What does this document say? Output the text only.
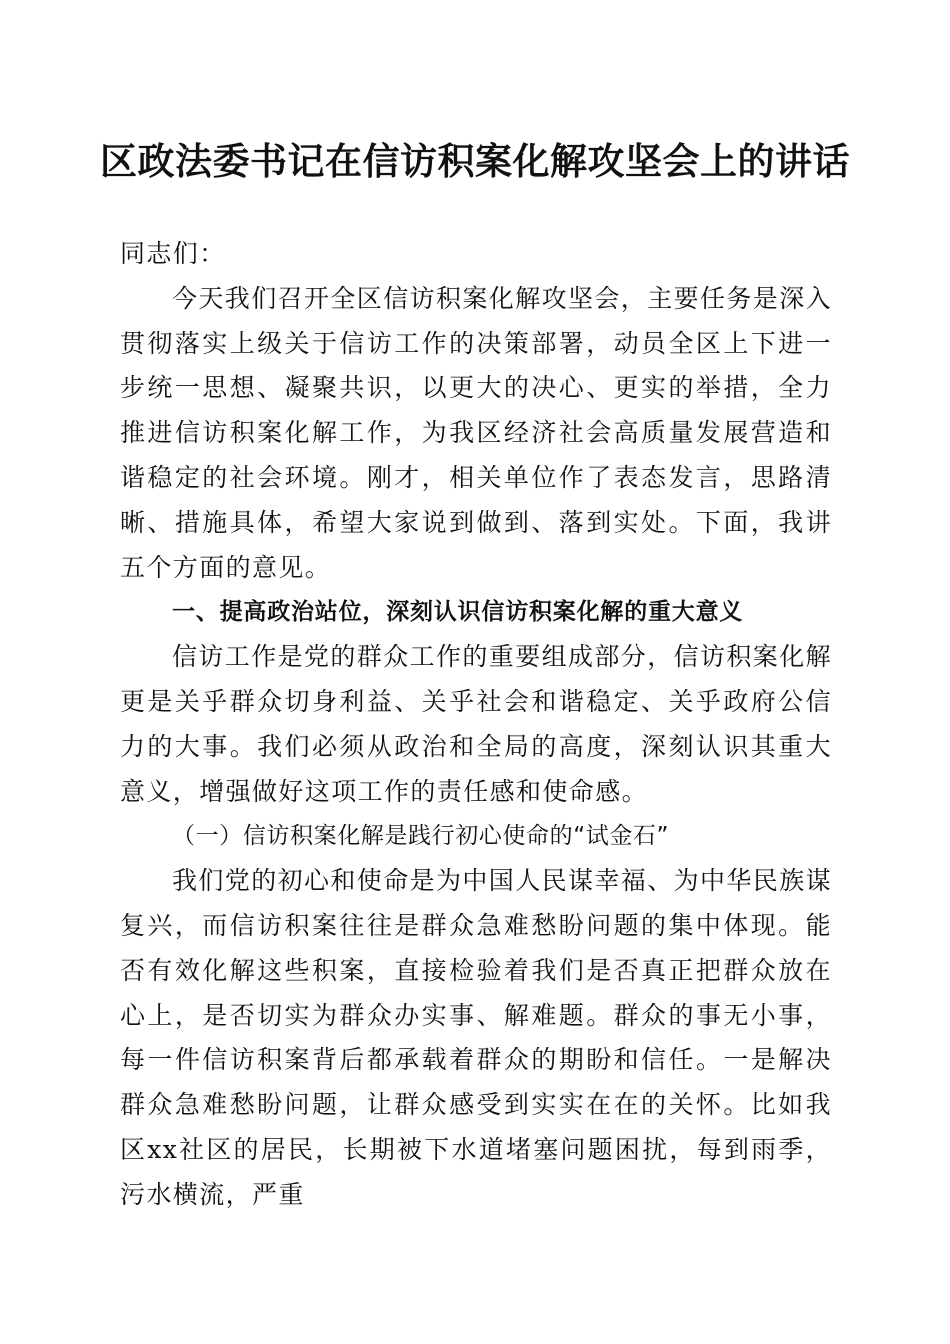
区政法委书记在信访积案化解攻坚会上的讲话

同志们：

今天我们召开全区信访积案化解攻坚会，主要任务是深入贯彻落实上级关于信访工作的决策部署，动员全区上下进一步统一思想、凝聚共识，以更大的决心、更实的举措，全力推进信访积案化解工作，为我区经济社会高质量发展营造和谐稳定的社会环境。刚才，相关单位作了表态发言，思路清晰、措施具体，希望大家说到做到、落到实处。下面，我讲五个方面的意见。

一、提高政治站位，深刻认识信访积案化解的重大意义

信访工作是党的群众工作的重要组成部分，信访积案化解更是关乎群众切身利益、关乎社会和谐稳定、关乎政府公信力的大事。我们必须从政治和全局的高度，深刻认识其重大意义，增强做好这项工作的责任感和使命感。

（一）信访积案化解是践行初心使命的“试金石”

我们党的初心和使命是为中国人民谋幸福、为中华民族谋复兴，而信访积案往往是群众急难愁盼问题的集中体现。能否有效化解这些积案，直接检验着我们是否真正把群众放在心上，是否切实为群众办实事、解难题。群众的事无小事，每一件信访积案背后都承载着群众的期盼和信任。一是解决群众急难愁盼问题，让群众感受到实实在在的关怀。比如我区xx社区的居民，长期被下水道堵塞问题困扰，每到雨季，污水横流，严重
